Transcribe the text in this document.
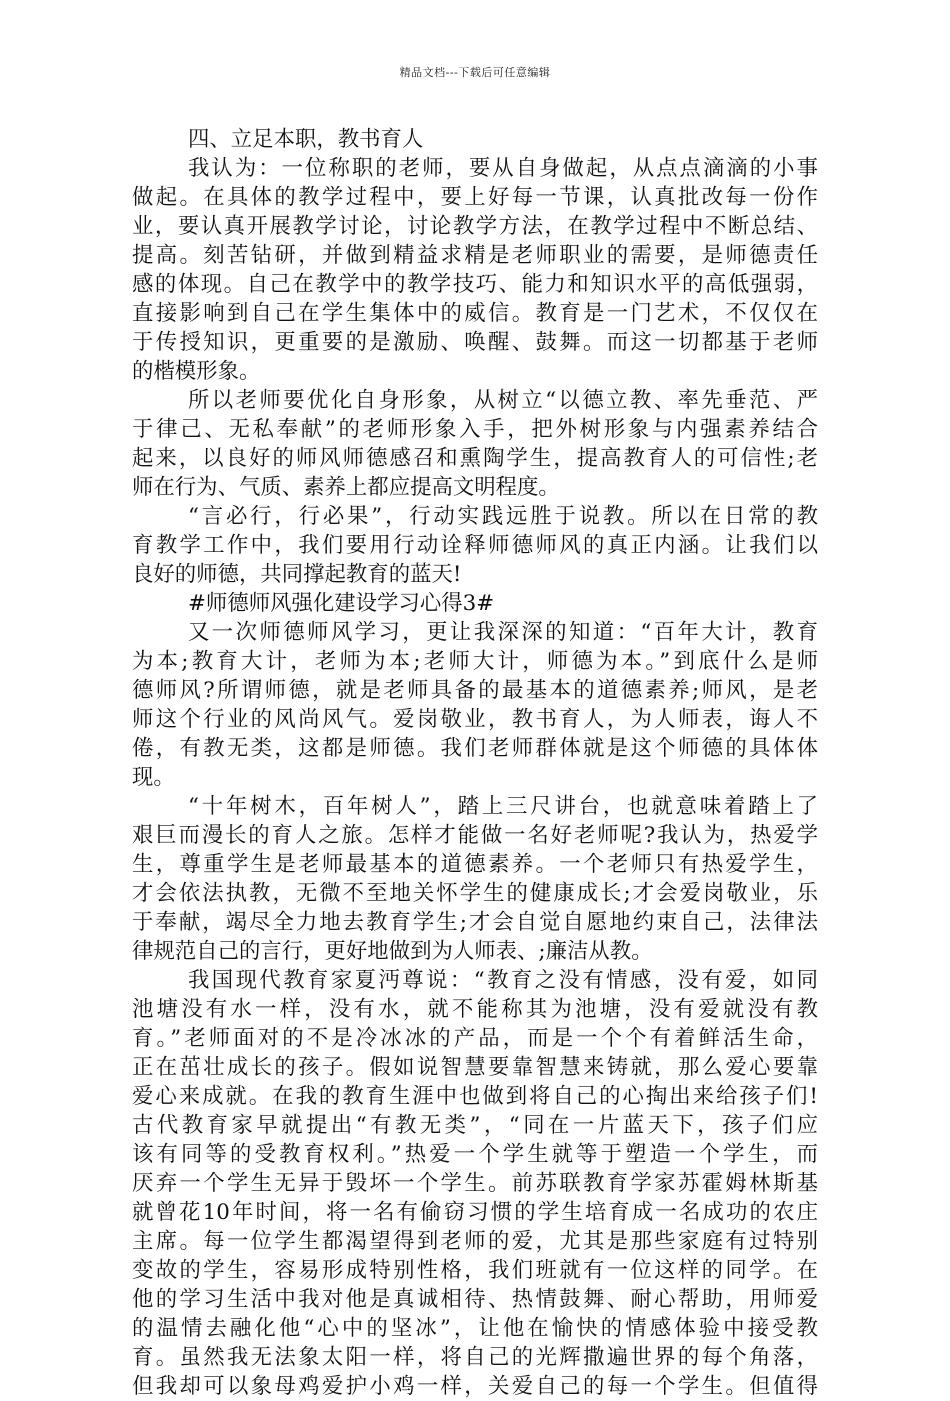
精品文档---下载后可任意编辑
四、立足本职，教书育人
我认为：一位称职的老师，要从自身做起，从点点滴滴的小事
做起。在具体的教学过程中，要上好每一节课，认真批改每一份作
业，要认真开展教学讨论，讨论教学方法，在教学过程中不断总结、
提高。刻苦钻研，并做到精益求精是老师职业的需要，是师德责任
感的体现。自己在教学中的教学技巧、能力和知识水平的高低强弱，
直接影响到自己在学生集体中的威信。教育是一门艺术，不仅仅在
于传授知识，更重要的是激励、唤醒、鼓舞。而这一切都基于老师
的楷模形象。
所以老师要优化自身形象，从树立“以德立教、率先垂范、严
于律己、无私奉献”的老师形象入手，把外树形象与内强素养结合
起来，以良好的师风师德感召和熏陶学生，提高教育人的可信性;老
师在行为、气质、素养上都应提高文明程度。
“言必行，行必果”，行动实践远胜于说教。所以在日常的教
育教学工作中，我们要用行动诠释师德师风的真正内涵。让我们以
良好的师德，共同撑起教育的蓝天!
#师德师风强化建设学习心得3#
又一次师德师风学习，更让我深深的知道：“百年大计，教育
为本;教育大计，老师为本;老师大计，师德为本。”到底什么是师
德师风?所谓师德，就是老师具备的最基本的道德素养;师风，是老
师这个行业的风尚风气。爱岗敬业，教书育人，为人师表，诲人不
倦，有教无类，这都是师德。我们老师群体就是这个师德的具体体
现。
“十年树木，百年树人”，踏上三尺讲台，也就意味着踏上了
艰巨而漫长的育人之旅。怎样才能做一名好老师呢?我认为，热爱学
生，尊重学生是老师最基本的道德素养。一个老师只有热爱学生，
才会依法执教，无微不至地关怀学生的健康成长;才会爱岗敬业，乐
于奉献，竭尽全力地去教育学生;才会自觉自愿地约束自己，法律法
律规范自己的言行，更好地做到为人师表、;廉洁从教。
我国现代教育家夏沔尊说：“教育之没有情感，没有爱，如同
池塘没有水一样，没有水，就不能称其为池塘，没有爱就没有教
育。”老师面对的不是冷冰冰的产品，而是一个个有着鲜活生命，
正在茁壮成长的孩子。假如说智慧要靠智慧来铸就，那么爱心要靠
爱心来成就。在我的教育生涯中也做到将自己的心掏出来给孩子们!
古代教育家早就提出“有教无类”，“同在一片蓝天下，孩子们应
该有同等的受教育权利。”热爱一个学生就等于塑造一个学生，而
厌弃一个学生无异于毁坏一个学生。前苏联教育学家苏霍姆林斯基
就曾花10年时间，将一名有偷窃习惯的学生培育成一名成功的农庄
主席。每一位学生都渴望得到老师的爱，尤其是那些家庭有过特别
变故的学生，容易形成特别性格，我们班就有一位这样的同学。在
他的学习生活中我对他是真诚相待、热情鼓舞、耐心帮助，用师爱
的温情去融化他“心中的坚冰”，让他在愉快的情感体验中接受教
育。虽然我无法象太阳一样，将自己的光辉撒遍世界的每个角落，
但我却可以象母鸡爱护小鸡一样，关爱自己的每一个学生。但值得
